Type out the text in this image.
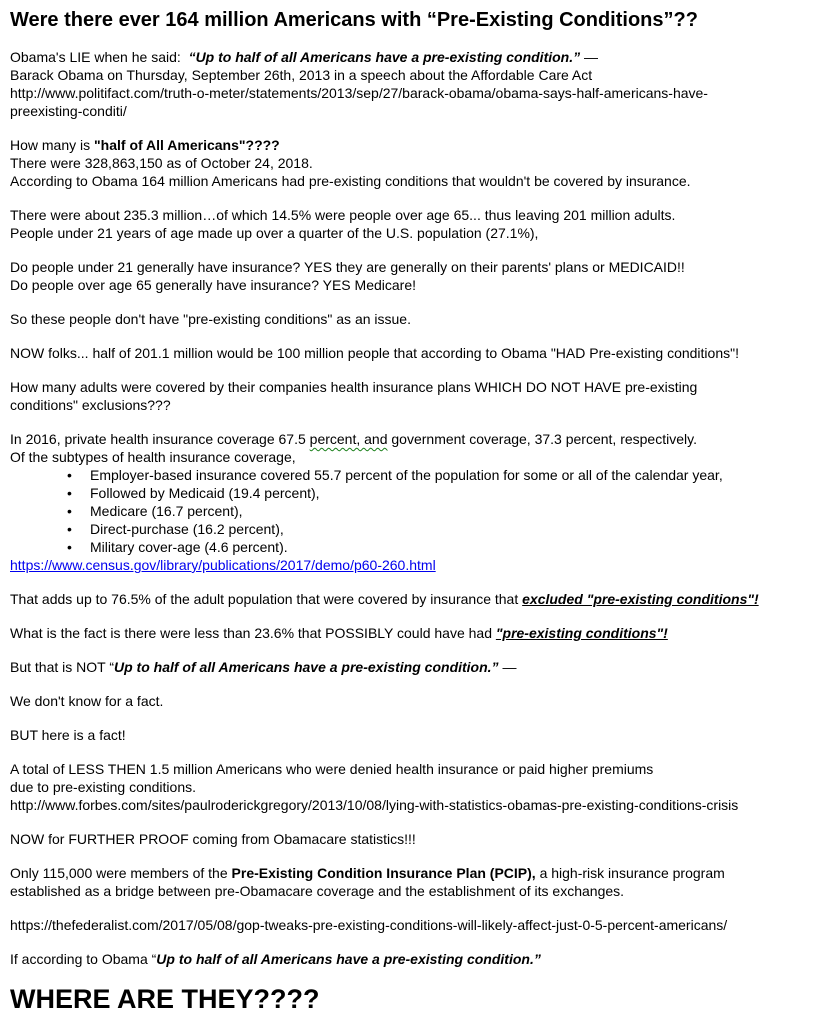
Were there ever 164 million Americans with “Pre-Existing Conditions”??
Obama's LIE when he said:  “Up to half of all Americans have a pre-existing condition.” —
Barack Obama on Thursday, September 26th, 2013 in a speech about the Affordable Care Act
http://www.politifact.com/truth-o-meter/statements/2013/sep/27/barack-obama/obama-says-half-americans-have-
preexisting-conditi/
How many is "half of All Americans"????
There were 328,863,150 as of October 24, 2018.
According to Obama 164 million Americans had pre-existing conditions that wouldn't be covered by insurance.
There were about 235.3 million…of which 14.5% were people over age 65... thus leaving 201 million adults.
People under 21 years of age made up over a quarter of the U.S. population (27.1%),
Do people under 21 generally have insurance? YES they are generally on their parents' plans or MEDICAID!!
Do people over age 65 generally have insurance? YES Medicare!
So these people don't have "pre-existing conditions" as an issue.
NOW folks... half of 201.1 million would be 100 million people that according to Obama "HAD Pre-existing conditions"!
How many adults were covered by their companies health insurance plans WHICH DO NOT HAVE pre-existing
conditions" exclusions???
In 2016, private health insurance coverage 67.5 percent, and government coverage, 37.3 percent, respectively.
Of the subtypes of health insurance coverage,
• Employer-based insurance covered 55.7 percent of the population for some or all of the calendar year,
• Followed by Medicaid (19.4 percent),
• Medicare (16.7 percent),
• Direct-purchase (16.2 percent),
• Military cover-age (4.6 percent).
https://www.census.gov/library/publications/2017/demo/p60-260.html
That adds up to 76.5% of the adult population that were covered by insurance that excluded "pre-existing conditions"!
What is the fact is there were less than 23.6% that POSSIBLY could have had "pre-existing conditions"!
But that is NOT “Up to half of all Americans have a pre-existing condition.” —
We don't know for a fact.
BUT here is a fact!
A total of LESS THEN 1.5 million Americans who were denied health insurance or paid higher premiums
due to pre-existing conditions.
http://www.forbes.com/sites/paulroderickgregory/2013/10/08/lying-with-statistics-obamas-pre-existing-conditions-crisis
NOW for FURTHER PROOF coming from Obamacare statistics!!!
Only 115,000 were members of the Pre-Existing Condition Insurance Plan (PCIP), a high-risk insurance program
established as a bridge between pre-Obamacare coverage and the establishment of its exchanges.
https://thefederalist.com/2017/05/08/gop-tweaks-pre-existing-conditions-will-likely-affect-just-0-5-percent-americans/
If according to Obama “Up to half of all Americans have a pre-existing condition.”
WHERE ARE THEY????
